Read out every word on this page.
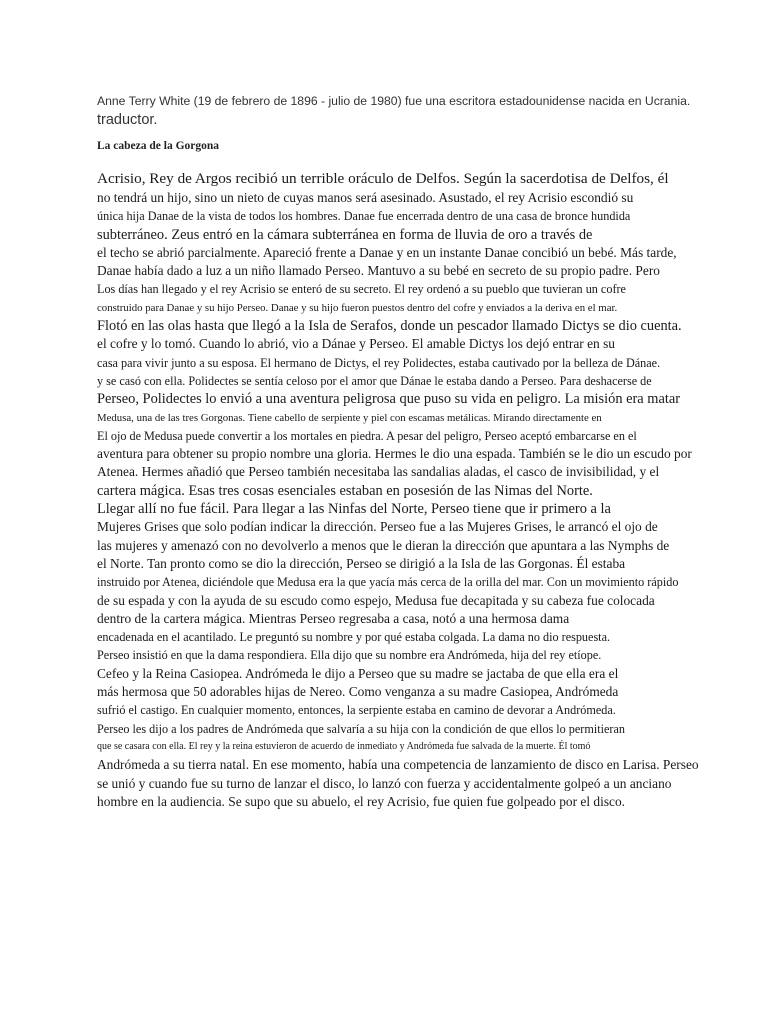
Anne Terry White (19 de febrero de 1896 - julio de 1980) fue una escritora estadounidense nacida en Ucrania.
traductor.
La cabeza de la Gorgona
Acrisio, Rey de Argos recibió un terrible oráculo de Delfos. Según la sacerdotisa de Delfos, él
no tendrá un hijo, sino un nieto de cuyas manos será asesinado. Asustado, el rey Acrisio escondió su
única hija Danae de la vista de todos los hombres. Danae fue encerrada dentro de una casa de bronce hundida
subterráneo. Zeus entró en la cámara subterránea en forma de lluvia de oro a través de
el techo se abrió parcialmente. Apareció frente a Danae y en un instante Danae concibió un bebé. Más tarde,
Danae había dado a luz a un niño llamado Perseo. Mantuvo a su bebé en secreto de su propio padre. Pero
Los días han llegado y el rey Acrisio se enteró de su secreto. El rey ordenó a su pueblo que tuvieran un cofre
construido para Danae y su hijo Perseo. Danae y su hijo fueron puestos dentro del cofre y enviados a la deriva en el mar.
Flotó en las olas hasta que llegó a la Isla de Serafos, donde un pescador llamado Dictys se dio cuenta.
el cofre y lo tomó. Cuando lo abrió, vio a Dánae y Perseo. El amable Dictys los dejó entrar en su
casa para vivir junto a su esposa. El hermano de Dictys, el rey Polidectes, estaba cautivado por la belleza de Dánae.
y se casó con ella. Polidectes se sentía celoso por el amor que Dánae le estaba dando a Perseo. Para deshacerse de
Perseo, Polidectes lo envió a una aventura peligrosa que puso su vida en peligro. La misión era matar
Medusa, una de las tres Gorgonas. Tiene cabello de serpiente y piel con escamas metálicas. Mirando directamente en
El ojo de Medusa puede convertir a los mortales en piedra. A pesar del peligro, Perseo aceptó embarcarse en el
aventura para obtener su propio nombre una gloria. Hermes le dio una espada. También se le dio un escudo por
Atenea. Hermes añadió que Perseo también necesitaba las sandalias aladas, el casco de invisibilidad, y el
cartera mágica. Esas tres cosas esenciales estaban en posesión de las Nimas del Norte.
Llegar allí no fue fácil. Para llegar a las Ninfas del Norte, Perseo tiene que ir primero a la
Mujeres Grises que solo podían indicar la dirección. Perseo fue a las Mujeres Grises, le arrancó el ojo de
las mujeres y amenazó con no devolverlo a menos que le dieran la dirección que apuntara a las Nymphs de
el Norte. Tan pronto como se dio la dirección, Perseo se dirigió a la Isla de las Gorgonas. Él estaba
instruido por Atenea, diciéndole que Medusa era la que yacía más cerca de la orilla del mar. Con un movimiento rápido
de su espada y con la ayuda de su escudo como espejo, Medusa fue decapitada y su cabeza fue colocada
dentro de la cartera mágica. Mientras Perseo regresaba a casa, notó a una hermosa dama
encadenada en el acantilado. Le preguntó su nombre y por qué estaba colgada. La dama no dio respuesta.
Perseo insistió en que la dama respondiera. Ella dijo que su nombre era Andrómeda, hija del rey etíope.
Cefeo y la Reina Casiopea. Andrómeda le dijo a Perseo que su madre se jactaba de que ella era el
más hermosa que 50 adorables hijas de Nereo. Como venganza a su madre Casiopea, Andrómeda
sufrió el castigo. En cualquier momento, entonces, la serpiente estaba en camino de devorar a Andrómeda.
Perseo les dijo a los padres de Andrómeda que salvaría a su hija con la condición de que ellos lo permitieran
que se casara con ella. El rey y la reina estuvieron de acuerdo de inmediato y Andrómeda fue salvada de la muerte. Él tomó
Andrómeda a su tierra natal. En ese momento, había una competencia de lanzamiento de disco en Larisa. Perseo
se unió y cuando fue su turno de lanzar el disco, lo lanzó con fuerza y accidentalmente golpeó a un anciano
hombre en la audiencia. Se supo que su abuelo, el rey Acrisio, fue quien fue golpeado por el disco.
